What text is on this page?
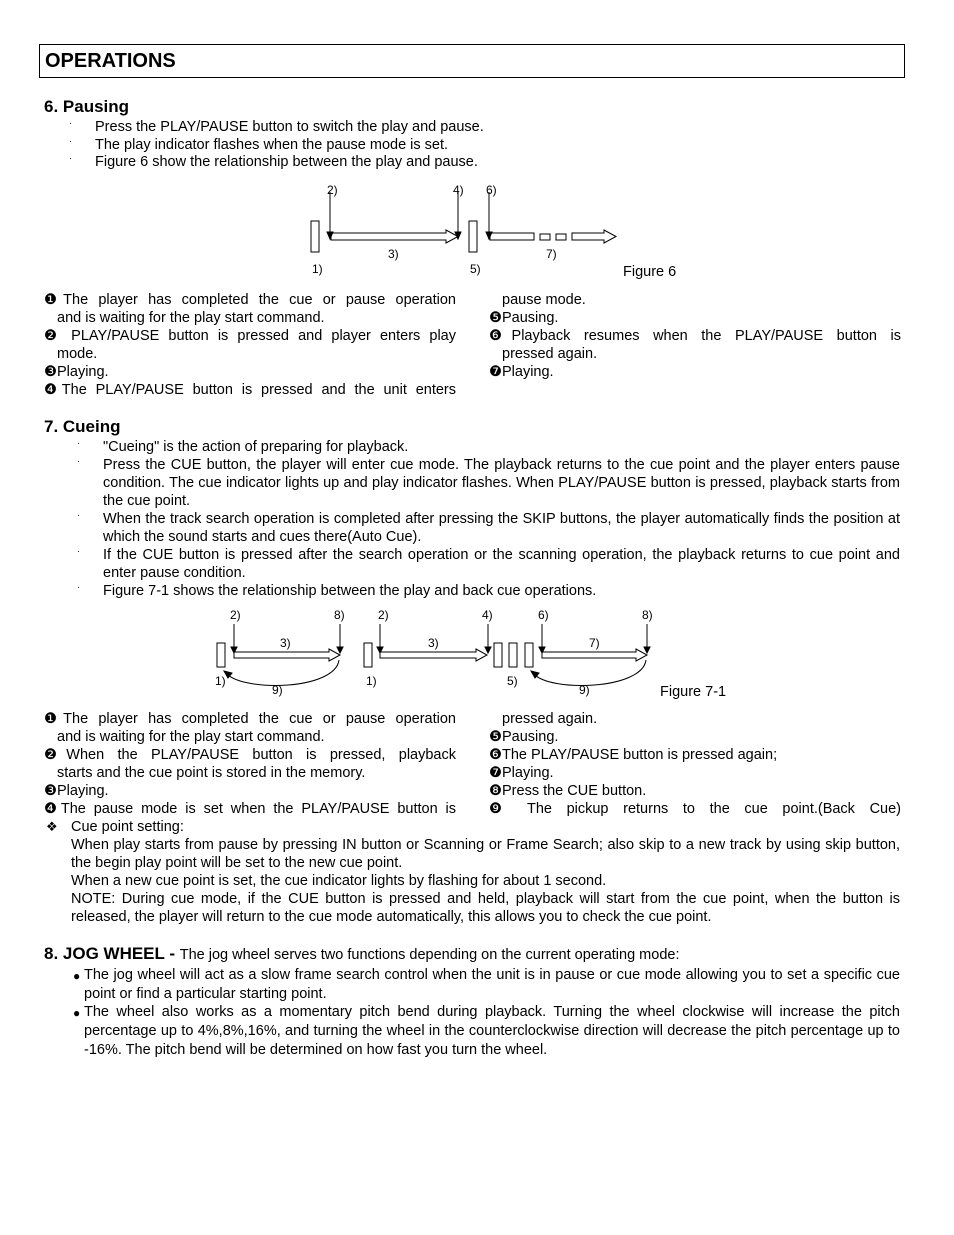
OPERATIONS
6. Pausing
·
·
·
Press the PLAY/PAUSE button to switch the play and pause.
The play indicator flashes when the pause mode is set.
Figure 6 show the relationship between the play and pause.
2)	4) 6)
3)	7)
1)	5)	Figure 6
❶The player has completed the cue or pause operation
and is waiting for the play start command.
❷ PLAY/PAUSE button is pressed and player enters play
mode.
❸Playing.
❹The PLAY/PAUSE button is pressed and the unit enters
pause mode.
❺Pausing.
❻Playback resumes when the PLAY/PAUSE button is
pressed again.
❼Playing.
7. Cueing
·
·
·
·
·
"Cueing" is the action of preparing for playback.
Press the CUE button, the player will enter cue mode. The playback returns to the cue point and the player enters pause condition. The cue indicator lights up and play indicator flashes. When PLAY/PAUSE button is pressed, playback starts from the cue point.
When the track search operation is completed after pressing the SKIP buttons, the player automatically finds the position at which the sound starts and cues there(Auto Cue).
If the CUE button is pressed after the search operation or the scanning operation, the playback returns to cue point and enter pause condition.
Figure 7-1 shows the relationship between the play and back cue operations.
2)	8)
3)
1)
9)
2)
3)
4)
1)
6)	8)
7)
5)
9)	Figure 7-1
❶The player has completed the cue or pause operation
and is waiting for the play start command.
❷When the PLAY/PAUSE button is pressed, playback
starts and the cue point is stored in the memory.
❸Playing.
❹The pause mode is set when the PLAY/PAUSE button is
pressed again.
❺Pausing.
❻The PLAY/PAUSE button is pressed again;
❼Playing.
❽Press the CUE button.
❾ The pickup returns to the cue point.(Back Cue)
❖ Cue point setting:
When play starts from pause by pressing IN button or Scanning or Frame Search; also skip to a new track by using skip button, the begin play point will be set to the new cue point.
When a new cue point is set, the cue indicator lights by flashing for about 1 second.
NOTE: During cue mode, if the CUE button is pressed and held, playback will start from the cue point, when the button is released, the player will return to the cue mode automatically, this allows you to check the cue point.
8. JOG WHEEL - The jog wheel serves two functions depending on the current operating mode:
● The jog wheel will act as a slow frame search control when the unit is in pause or cue mode allowing you to set a specific cue point or find a particular starting point.
● The wheel also works as a momentary pitch bend during playback. Turning the wheel clockwise will increase the pitch percentage up to 4%,8%,16%, and turning the wheel in the counterclockwise direction will decrease the pitch percentage up to -16%. The pitch bend will be determined on how fast you turn the wheel.
